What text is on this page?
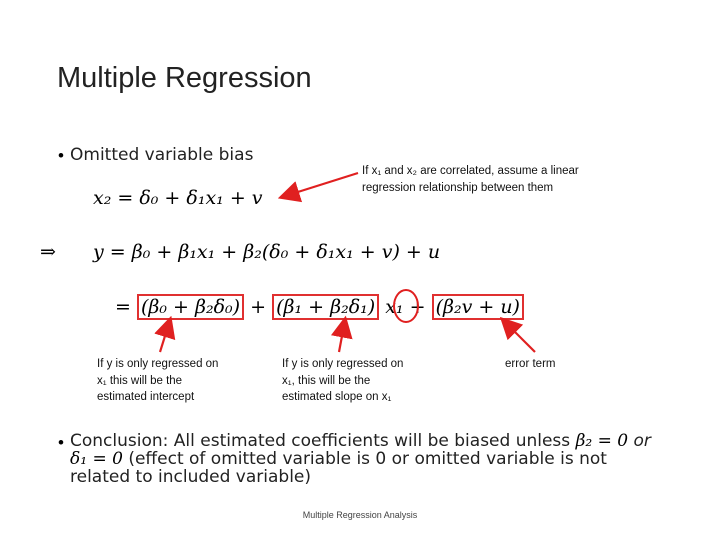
Multiple Regression
• Omitted variable bias
If x₁ and x₂ are correlated, assume a linear regression relationship between them
x₂ = δ₀ + δ₁x₁ + v
⇒ y = β₀ + β₁x₁ + β₂(δ₀ + δ₁x₁ + v) + u
= (β₀ + β₂δ₀) + (β₁ + β₂δ₁) x₁ + (β₂v + u)
If y is only regressed on x₁ this will be the estimated intercept
If y is only regressed on x₁, this will be the estimated slope on x₁
error term
• Conclusion: All estimated coefficients will be biased unless β₂ = 0 or δ₁ = 0 (effect of omitted variable is 0 or omitted variable is not related to included variable)
Multiple Regression Analysis
